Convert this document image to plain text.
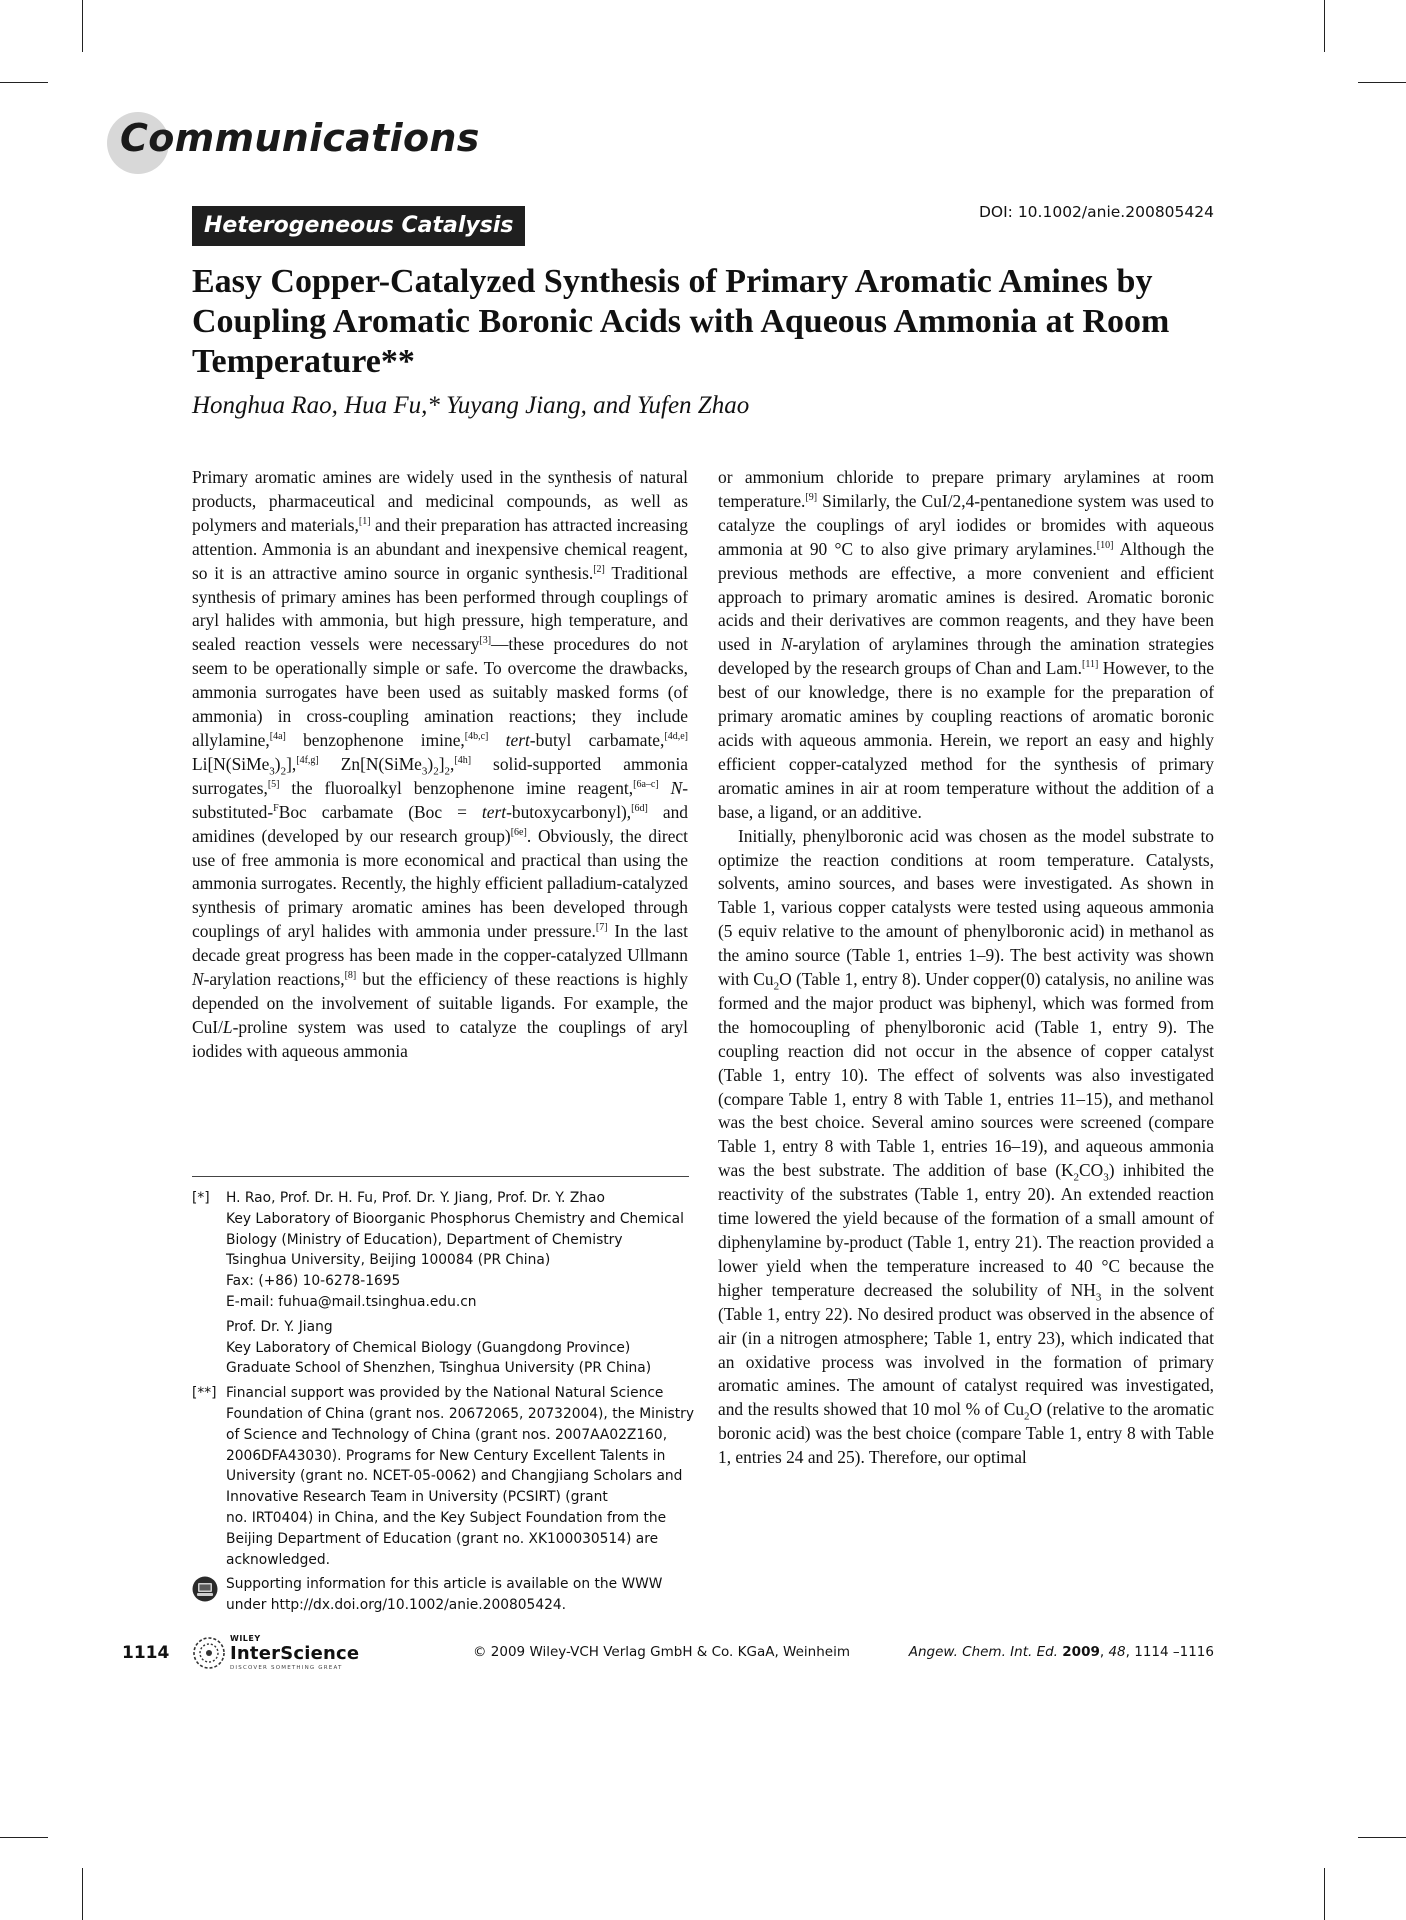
Communications
Heterogeneous Catalysis
DOI: 10.1002/anie.200805424
Easy Copper-Catalyzed Synthesis of Primary Aromatic Amines by
Coupling Aromatic Boronic Acids with Aqueous Ammonia at Room
Temperature**
Honghua Rao, Hua Fu,* Yuyang Jiang, and Yufen Zhao

Primary aromatic amines are widely used in the synthesis of natural products, pharmaceutical and medicinal compounds, as well as polymers and materials,[1] and their preparation has attracted increasing attention. Ammonia is an abundant and inexpensive chemical reagent, so it is an attractive amino source in organic synthesis.[2] Traditional synthesis of primary amines has been performed through couplings of aryl halides with ammonia, but high pressure, high temperature, and sealed reaction vessels were necessary[3]—these procedures do not seem to be operationally simple or safe. To overcome the drawbacks, ammonia surrogates have been used as suitably masked forms (of ammonia) in cross-coupling amination reactions; they include allylamine,[4a] benzophenone imine,[4b,c] tert-butyl carbamate,[4d,e] $Li[N(SiMe_3)_2],[4f,g]$ $Zn[N(SiMe_3)_2]_2,[4h]$ solid-supported ammonia surrogates,[5] the fluoroalkyl benzophenone imine reagent,[6a–c] N-substituted-$^F$Boc carbamate (Boc = tert-butoxycarbonyl),[6d] and amidines (developed by our research group)[6e]. Obviously, the direct use of free ammonia is more economical and practical than using the ammonia surrogates. Recently, the highly efficient palladium-catalyzed synthesis of primary aromatic amines has been developed through couplings of aryl halides with ammonia under pressure.[7] In the last decade great progress has been made in the copper-catalyzed Ullmann N-arylation reactions,[8] but the efficiency of these reactions is highly depended on the involvement of suitable ligands. For example, the CuI/L-proline system was used to catalyze the couplings of aryl iodides with aqueous ammonia

or ammonium chloride to prepare primary arylamines at room temperature.[9] Similarly, the CuI/2,4-pentanedione system was used to catalyze the couplings of aryl iodides or bromides with aqueous ammonia at 90 °C to also give primary arylamines.[10] Although the previous methods are effective, a more convenient and efficient approach to primary aromatic amines is desired. Aromatic boronic acids and their derivatives are common reagents, and they have been used in N-arylation of arylamines through the amination strategies developed by the research groups of Chan and Lam.[11] However, to the best of our knowledge, there is no example for the preparation of primary aromatic amines by coupling reactions of aromatic boronic acids with aqueous ammonia. Herein, we report an easy and highly efficient copper-catalyzed method for the synthesis of primary aromatic amines in air at room temperature without the addition of a base, a ligand, or an additive.

Initially, phenylboronic acid was chosen as the model substrate to optimize the reaction conditions at room temperature. Catalysts, solvents, amino sources, and bases were investigated. As shown in Table 1, various copper catalysts were tested using aqueous ammonia (5 equiv relative to the amount of phenylboronic acid) in methanol as the amino source (Table 1, entries 1–9). The best activity was shown with $Cu_2O$ (Table 1, entry 8). Under copper(0) catalysis, no aniline was formed and the major product was biphenyl, which was formed from the homocoupling of phenylboronic acid (Table 1, entry 9). The coupling reaction did not occur in the absence of copper catalyst (Table 1, entry 10). The effect of solvents was also investigated (compare Table 1, entry 8 with Table 1, entries 11–15), and methanol was the best choice. Several amino sources were screened (compare Table 1, entry 8 with Table 1, entries 16–19), and aqueous ammonia was the best substrate. The addition of base $(K_2CO_3)$ inhibited the reactivity of the substrates (Table 1, entry 20). An extended reaction time lowered the yield because of the formation of a small amount of diphenylamine by-product (Table 1, entry 21). The reaction provided a lower yield when the temperature increased to 40 °C because the higher temperature decreased the solubility of $NH_3$ in the solvent (Table 1, entry 22). No desired product was observed in the absence of air (in a nitrogen atmosphere; Table 1, entry 23), which indicated that an oxidative process was involved in the formation of primary aromatic amines. The amount of catalyst required was investigated, and the results showed that 10 mol % of $Cu_2O$ (relative to the aromatic boronic acid) was the best choice (compare Table 1, entry 8 with Table 1, entries 24 and 25). Therefore, our optimal

[*] H. Rao, Prof. Dr. H. Fu, Prof. Dr. Y. Jiang, Prof. Dr. Y. Zhao
Key Laboratory of Bioorganic Phosphorus Chemistry and Chemical
Biology (Ministry of Education), Department of Chemistry
Tsinghua University, Beijing 100084 (PR China)
Fax: (+86) 10-6278-1695
E-mail: fuhua@mail.tsinghua.edu.cn
Prof. Dr. Y. Jiang
Key Laboratory of Chemical Biology (Guangdong Province)
Graduate School of Shenzhen, Tsinghua University (PR China)
[**] Financial support was provided by the National Natural Science
Foundation of China (grant nos. 20672065, 20732004), the Ministry
of Science and Technology of China (grant nos. 2007AA02Z160,
2006DFA43030). Programs for New Century Excellent Talents in
University (grant no. NCET-05-0062) and Changjiang Scholars and
Innovative Research Team in University (PCSIRT) (grant
no. IRT0404) in China, and the Key Subject Foundation from the
Beijing Department of Education (grant no. XK100030514) are
acknowledged.
Supporting information for this article is available on the WWW
under http://dx.doi.org/10.1002/anie.200805424.
1114
WILEY
InterScience
DISCOVER SOMETHING GREAT
© 2009 Wiley-VCH Verlag GmbH & Co. KGaA, Weinheim	Angew. Chem. Int. Ed. 2009, 48, 1114 –1116
